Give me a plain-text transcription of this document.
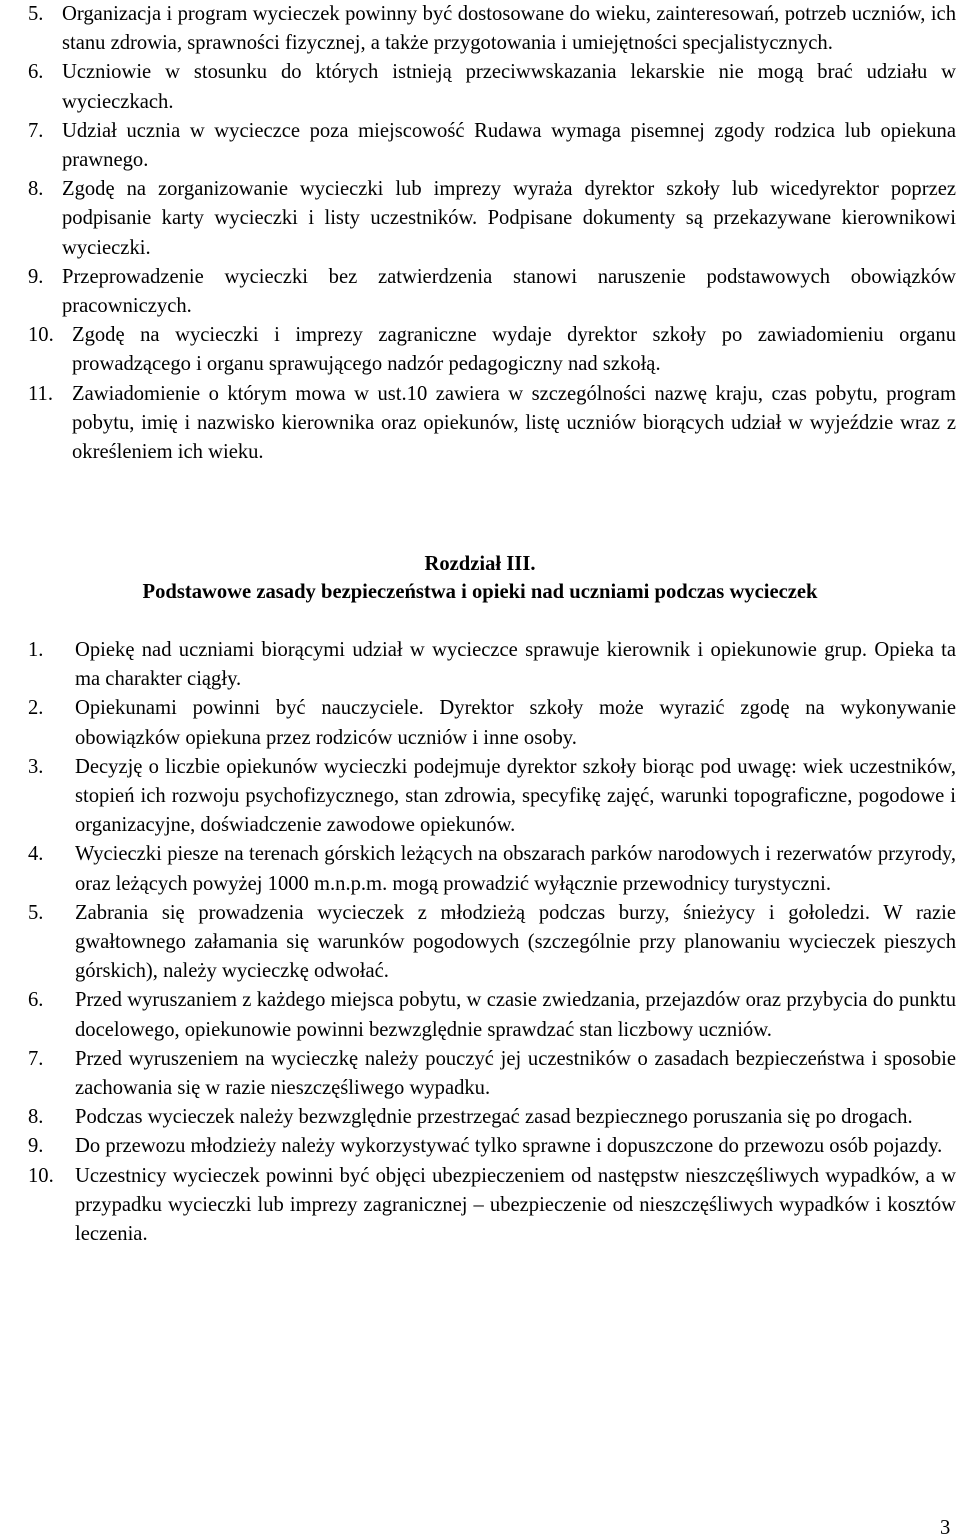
5. Organizacja i program wycieczek powinny być dostosowane do wieku, zainteresowań, potrzeb uczniów, ich stanu zdrowia, sprawności fizycznej, a także przygotowania i umiejętności specjalistycznych.
6. Uczniowie w stosunku do których istnieją przeciwwskazania lekarskie nie mogą brać udziału w wycieczkach.
7. Udział ucznia w wycieczce poza miejscowość Rudawa wymaga pisemnej zgody rodzica lub opiekuna prawnego.
8. Zgodę na zorganizowanie wycieczki lub imprezy wyraża dyrektor szkoły lub wicedyrektor poprzez podpisanie karty wycieczki i listy uczestników. Podpisane dokumenty są przekazywane kierownikowi wycieczki.
9. Przeprowadzenie wycieczki bez zatwierdzenia stanowi naruszenie podstawowych obowiązków pracowniczych.
10. Zgodę na wycieczki i imprezy zagraniczne wydaje dyrektor szkoły po zawiadomieniu organu prowadzącego i organu sprawującego nadzór pedagogiczny nad szkołą.
11. Zawiadomienie o którym mowa w ust.10 zawiera w szczególności nazwę kraju, czas pobytu, program pobytu, imię i nazwisko kierownika oraz opiekunów, listę uczniów biorących udział w wyjeździe wraz z określeniem ich wieku.
Rozdział III.
Podstawowe zasady bezpieczeństwa i opieki nad uczniami podczas wycieczek
1.	Opiekę nad uczniami biorącymi udział w wycieczce sprawuje kierownik i opiekunowie grup. Opieka ta ma charakter ciągły.
2.	Opiekunami powinni być nauczyciele. Dyrektor szkoły może wyrazić zgodę na wykonywanie obowiązków opiekuna przez rodziców uczniów i inne osoby.
3.	Decyzję o liczbie opiekunów wycieczki podejmuje dyrektor szkoły biorąc pod uwagę: wiek uczestników, stopień ich rozwoju psychofizycznego, stan zdrowia, specyfikę zajęć, warunki topograficzne, pogodowe i organizacyjne, doświadczenie zawodowe opiekunów.
4.	Wycieczki piesze na terenach górskich leżących na obszarach parków narodowych i rezerwatów przyrody, oraz leżących powyżej 1000 m.n.p.m. mogą prowadzić wyłącznie przewodnicy turystyczni.
5.	Zabrania się prowadzenia wycieczek z młodzieżą podczas burzy, śnieżycy i gołoledzi. W razie gwałtownego załamania się warunków pogodowych (szczególnie przy planowaniu wycieczek pieszych górskich), należy wycieczkę odwołać.
6.	Przed wyruszaniem z każdego miejsca pobytu, w czasie zwiedzania, przejazdów oraz przybycia do punktu docelowego, opiekunowie powinni bezwzględnie sprawdzać stan liczbowy uczniów.
7.	Przed wyruszeniem na wycieczkę należy pouczyć jej uczestników o zasadach bezpieczeństwa i sposobie zachowania się w razie nieszczęśliwego wypadku.
8.	Podczas wycieczek należy bezwzględnie przestrzegać zasad bezpiecznego poruszania się po drogach.
9.	Do przewozu młodzieży należy wykorzystywać tylko sprawne i dopuszczone do przewozu osób pojazdy.
10.	Uczestnicy wycieczek powinni być objęci ubezpieczeniem od następstw nieszczęśliwych wypadków, a w przypadku wycieczki lub imprezy zagranicznej – ubezpieczenie od nieszczęśliwych wypadków i kosztów leczenia.
3
